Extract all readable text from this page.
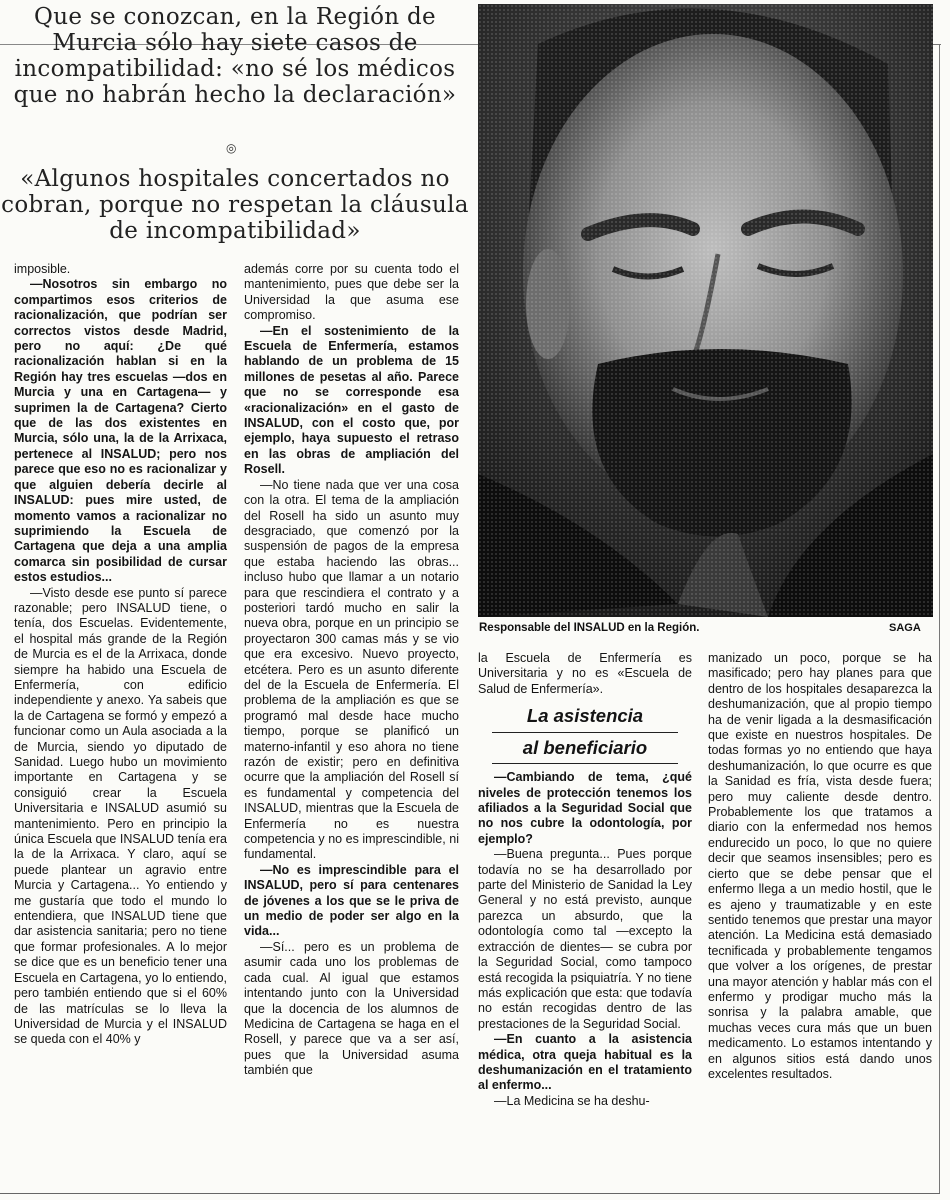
Que se conozcan, en la Región de Murcia sólo hay siete casos de incompatibilidad: «no sé los médicos que no habrán hecho la declaración»
◎
«Algunos hospitales concertados no cobran, porque no respetan la cláusula de incompatibilidad»
Responsable del INSALUD en la Región.	SAGA

imposible.

—Nosotros sin embargo no compartimos esos criterios de racionalización, que podrían ser correctos vistos desde Madrid, pero no aquí: ¿De qué racionalización hablan si en la Región hay tres escuelas —dos en Murcia y una en Cartagena— y suprimen la de Cartagena? Cierto que de las dos existentes en Murcia, sólo una, la de la Arrixaca, pertenece al INSALUD; pero nos parece que eso no es racionalizar y que alguien debería decirle al INSALUD: pues mire usted, de momento vamos a racionalizar no suprimiendo la Escuela de Cartagena que deja a una amplia comarca sin posibilidad de cursar estos estudios...

—Visto desde ese punto sí parece razonable; pero INSALUD tiene, o tenía, dos Escuelas. Evidentemente, el hospital más grande de la Región de Murcia es el de la Arrixaca, donde siempre ha habido una Escuela de Enfermería, con edificio independiente y anexo. Ya sabeis que la de Cartagena se formó y empezó a funcionar como un Aula asociada a la de Murcia, siendo yo diputado de Sanidad. Luego hubo un movimiento importante en Cartagena y se consiguió crear la Escuela Universitaria e INSALUD asumió su mantenimiento. Pero en principio la única Escuela que INSALUD tenía era la de la Arrixaca. Y claro, aquí se puede plantear un agravio entre Murcia y Cartagena... Yo entiendo y me gustaría que todo el mundo lo entendiera, que INSALUD tiene que dar asistencia sanitaria; pero no tiene que formar profesionales. A lo mejor se dice que es un beneficio tener una Escuela en Cartagena, yo lo entiendo, pero también entiendo que si el 60% de las matrículas se lo lleva la Universidad de Murcia y el INSALUD se queda con el 40% y

además corre por su cuenta todo el mantenimiento, pues que debe ser la Universidad la que asuma ese compromiso.

—En el sostenimiento de la Escuela de Enfermería, estamos hablando de un problema de 15 millones de pesetas al año. Parece que no se corresponde esa «racionalización» en el gasto de INSALUD, con el costo que, por ejemplo, haya supuesto el retraso en las obras de ampliación del Rosell.

—No tiene nada que ver una cosa con la otra. El tema de la ampliación del Rosell ha sido un asunto muy desgraciado, que comenzó por la suspensión de pagos de la empresa que estaba haciendo las obras... incluso hubo que llamar a un notario para que rescindiera el contrato y a posteriori tardó mucho en salir la nueva obra, porque en un principio se proyectaron 300 camas más y se vio que era excesivo. Nuevo proyecto, etcétera. Pero es un asunto diferente del de la Escuela de Enfermería. El problema de la ampliación es que se programó mal desde hace mucho tiempo, porque se planificó un materno-infantil y eso ahora no tiene razón de existir; pero en definitiva ocurre que la ampliación del Rosell sí es fundamental y competencia del INSALUD, mientras que la Escuela de Enfermería no es nuestra competencia y no es imprescindible, ni fundamental.

—No es imprescindible para el INSALUD, pero sí para centenares de jóvenes a los que se le priva de un medio de poder ser algo en la vida...

—Sí... pero es un problema de asumir cada uno los problemas de cada cual. Al igual que estamos intentando junto con la Universidad que la docencia de los alumnos de Medicina de Cartagena se haga en el Rosell, y parece que va a ser así, pues que la Universidad asuma también que

la Escuela de Enfermería es Universitaria y no es «Escuela de Salud de Enfermería».

La asistencia
al beneficiario

—Cambiando de tema, ¿qué niveles de protección tenemos los afiliados a la Seguridad Social que no nos cubre la odontología, por ejemplo?

—Buena pregunta... Pues porque todavía no se ha desarrollado por parte del Ministerio de Sanidad la Ley General y no está previsto, aunque parezca un absurdo, que la odontología como tal —excepto la extracción de dientes— se cubra por la Seguridad Social, como tampoco está recogida la psiquiatría. Y no tiene más explicación que esta: que todavía no están recogidas dentro de las prestaciones de la Seguridad Social.

—En cuanto a la asistencia médica, otra queja habitual es la deshumanización en el tratamiento al enfermo...

—La Medicina se ha deshu-

manizado un poco, porque se ha masificado; pero hay planes para que dentro de los hospitales desaparezca la deshumanización, que al propio tiempo ha de venir ligada a la desmasificación que existe en nuestros hospitales. De todas formas yo no entiendo que haya deshumanización, lo que ocurre es que la Sanidad es fría, vista desde fuera; pero muy caliente desde dentro. Probablemente los que tratamos a diario con la enfermedad nos hemos endurecido un poco, lo que no quiere decir que seamos insensibles; pero es cierto que se debe pensar que el enfermo llega a un medio hostil, que le es ajeno y traumatizable y en este sentido tenemos que prestar una mayor atención. La Medicina está demasiado tecnificada y probablemente tengamos que volver a los orígenes, de prestar una mayor atención y hablar más con el enfermo y prodigar mucho más la sonrisa y la palabra amable, que muchas veces cura más que un buen medicamento. Lo estamos intentando y en algunos sitios está dando unos excelentes resultados.
